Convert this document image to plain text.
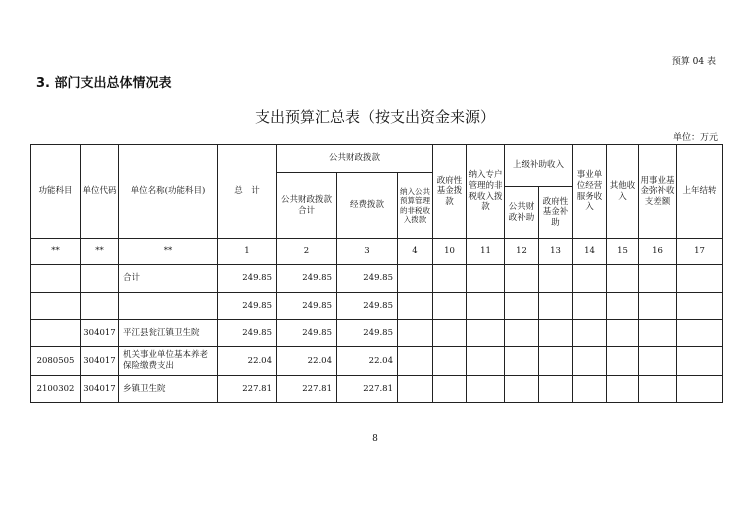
预算 04 表
3. 部门支出总体情况表
支出预算汇总表（按支出资金来源）
单位：万元
功能科目	单位代码	单位名称(功能科目)	总　计	公共财政拨款			政府性基金拨款	纳入专户管理的非税收入拨款	上级补助收入		事业单位经营服务收入	其他收入	用事业基金弥补收支差额	上年结转
				公共财政拨款合计	经费拨款	纳入公共预算管理的非税收入拨款								
									公共财政补助	政府性基金补助				
**	**	**	1	2	3	4	10	11	12	13	14	15	16	17
		合计	249.85	249.85	249.85									
			249.85	249.85	249.85									
	304017	平江县瓮江镇卫生院	249.85	249.85	249.85									
2080505	304017	机关事业单位基本养老保险缴费支出	22.04	22.04	22.04									
2100302	304017	乡镇卫生院	227.81	227.81	227.81									
8
